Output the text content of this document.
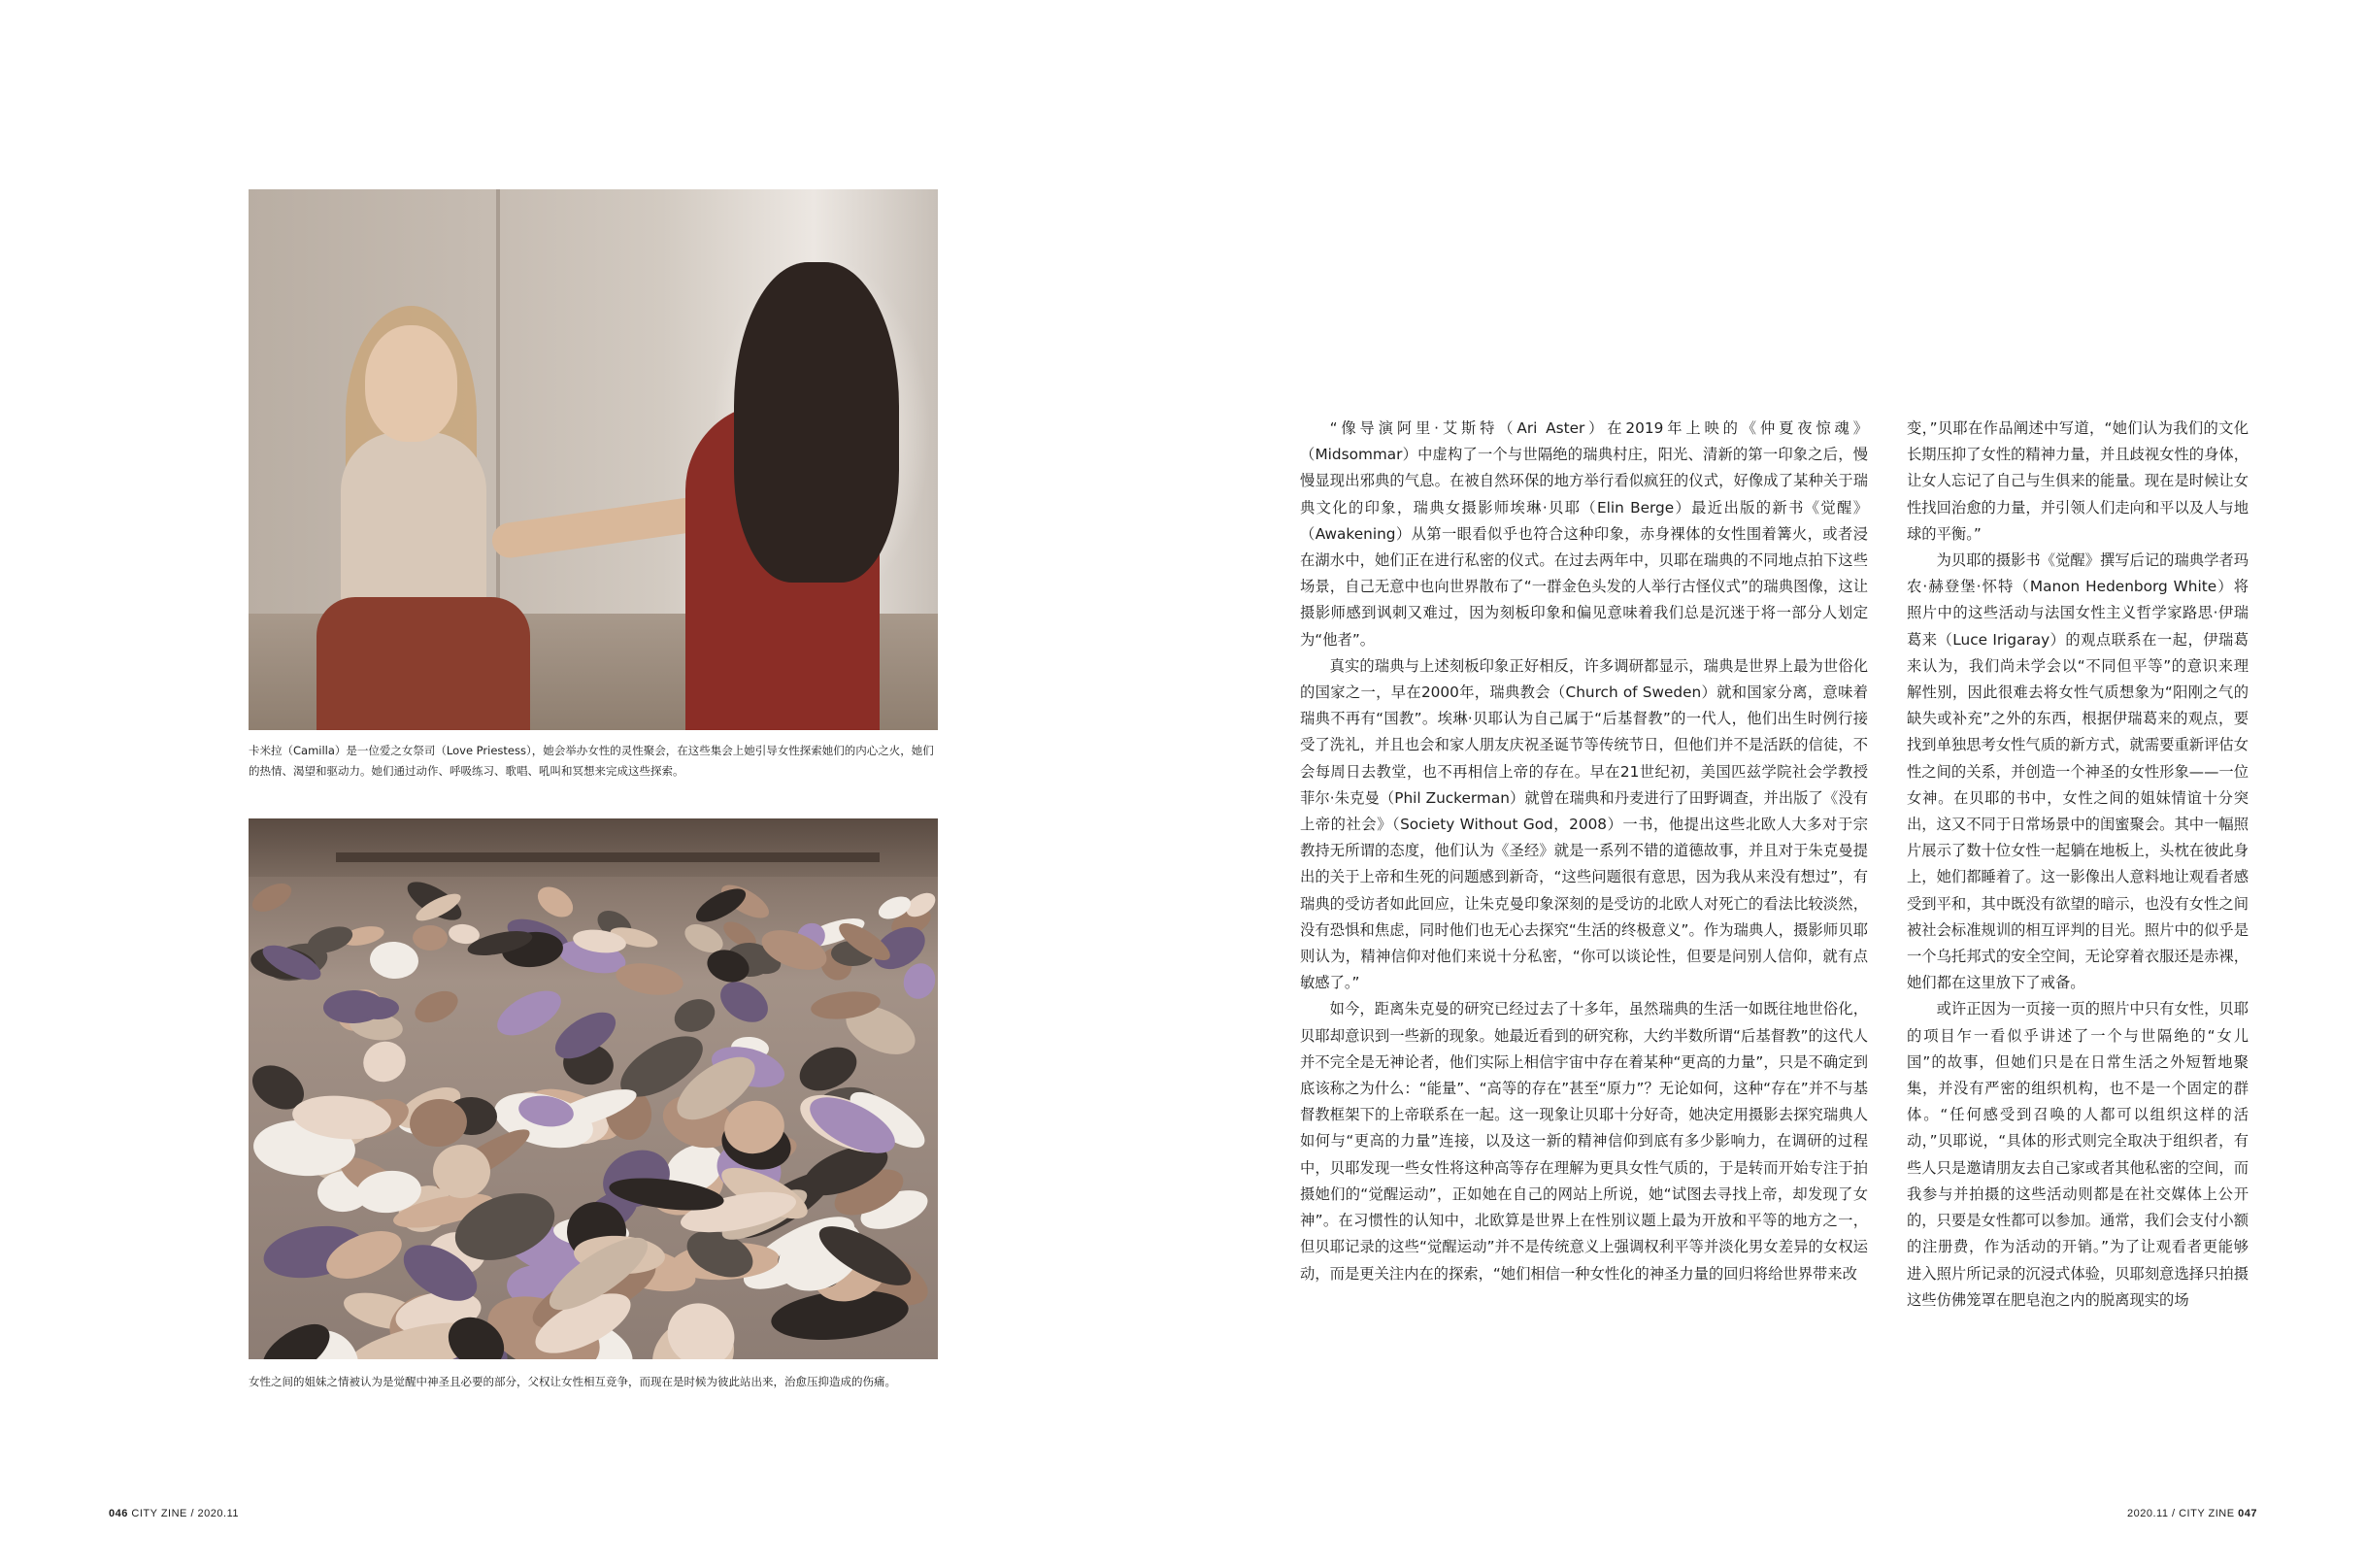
卡米拉（Camilla）是一位爱之女祭司（Love Priestess），她会举办女性的灵性聚会，在这些集会上她引导女性探索她们的内心之火，她们的热情、渴望和驱动力。她们通过动作、呼吸练习、歌唱、吼叫和冥想来完成这些探索。
女性之间的姐妹之情被认为是觉醒中神圣且必要的部分，父权让女性相互竞争，而现在是时候为彼此站出来，治愈压抑造成的伤痛。
046 CITY ZINE / 2020.11

“像导演阿里·艾斯特（Ari Aster）在2019年上映的《仲夏夜惊魂》（Midsommar）中虚构了一个与世隔绝的瑞典村庄，阳光、清新的第一印象之后，慢慢显现出邪典的气息。在被自然环保的地方举行看似疯狂的仪式，好像成了某种关于瑞典文化的印象，瑞典女摄影师埃琳·贝耶（Elin Berge）最近出版的新书《觉醒》（Awakening）从第一眼看似乎也符合这种印象，赤身裸体的女性围着篝火，或者浸在湖水中，她们正在进行私密的仪式。在过去两年中，贝耶在瑞典的不同地点拍下这些场景，自己无意中也向世界散布了“一群金色头发的人举行古怪仪式”的瑞典图像，这让摄影师感到讽刺又难过，因为刻板印象和偏见意味着我们总是沉迷于将一部分人划定为“他者”。

真实的瑞典与上述刻板印象正好相反，许多调研都显示，瑞典是世界上最为世俗化的国家之一，早在2000年，瑞典教会（Church of Sweden）就和国家分离，意味着瑞典不再有“国教”。埃琳·贝耶认为自己属于“后基督教”的一代人，他们出生时例行接受了洗礼，并且也会和家人朋友庆祝圣诞节等传统节日，但他们并不是活跃的信徒，不会每周日去教堂，也不再相信上帝的存在。早在21世纪初，美国匹兹学院社会学教授菲尔·朱克曼（Phil Zuckerman）就曾在瑞典和丹麦进行了田野调查，并出版了《没有上帝的社会》（Society Without God，2008）一书，他提出这些北欧人大多对于宗教持无所谓的态度，他们认为《圣经》就是一系列不错的道德故事，并且对于朱克曼提出的关于上帝和生死的问题感到新奇，“这些问题很有意思，因为我从来没有想过”，有瑞典的受访者如此回应，让朱克曼印象深刻的是受访的北欧人对死亡的看法比较淡然，没有恐惧和焦虑，同时他们也无心去探究“生活的终极意义”。作为瑞典人，摄影师贝耶则认为，精神信仰对他们来说十分私密，“你可以谈论性，但要是问别人信仰，就有点敏感了。”

如今，距离朱克曼的研究已经过去了十多年，虽然瑞典的生活一如既往地世俗化，贝耶却意识到一些新的现象。她最近看到的研究称，大约半数所谓“后基督教”的这代人并不完全是无神论者，他们实际上相信宇宙中存在着某种“更高的力量”，只是不确定到底该称之为什么：“能量”、“高等的存在”甚至“原力”？无论如何，这种“存在”并不与基督教框架下的上帝联系在一起。这一现象让贝耶十分好奇，她决定用摄影去探究瑞典人如何与“更高的力量”连接，以及这一新的精神信仰到底有多少影响力，在调研的过程中，贝耶发现一些女性将这种高等存在理解为更具女性气质的，于是转而开始专注于拍摄她们的“觉醒运动”，正如她在自己的网站上所说，她“试图去寻找上帝，却发现了女神”。在习惯性的认知中，北欧算是世界上在性别议题上最为开放和平等的地方之一，但贝耶记录的这些“觉醒运动”并不是传统意义上强调权利平等并淡化男女差异的女权运动，而是更关注内在的探索，“她们相信一种女性化的神圣力量的回归将给世界带来改

变，”贝耶在作品阐述中写道，“她们认为我们的文化长期压抑了女性的精神力量，并且歧视女性的身体，让女人忘记了自己与生俱来的能量。现在是时候让女性找回治愈的力量，并引领人们走向和平以及人与地球的平衡。”

为贝耶的摄影书《觉醒》撰写后记的瑞典学者玛农·赫登堡·怀特（Manon Hedenborg White）将照片中的这些活动与法国女性主义哲学家路思·伊瑞葛来（Luce Irigaray）的观点联系在一起，伊瑞葛来认为，我们尚未学会以“不同但平等”的意识来理解性别，因此很难去将女性气质想象为“阳刚之气的缺失或补充”之外的东西，根据伊瑞葛来的观点，要找到单独思考女性气质的新方式，就需要重新评估女性之间的关系，并创造一个神圣的女性形象——一位女神。在贝耶的书中，女性之间的姐妹情谊十分突出，这又不同于日常场景中的闺蜜聚会。其中一幅照片展示了数十位女性一起躺在地板上，头枕在彼此身上，她们都睡着了。这一影像出人意料地让观看者感受到平和，其中既没有欲望的暗示，也没有女性之间被社会标准规训的相互评判的目光。照片中的似乎是一个乌托邦式的安全空间，无论穿着衣服还是赤裸，她们都在这里放下了戒备。

或许正因为一页接一页的照片中只有女性，贝耶的项目乍一看似乎讲述了一个与世隔绝的“女儿国”的故事，但她们只是在日常生活之外短暂地聚集，并没有严密的组织机构，也不是一个固定的群体。“任何感受到召唤的人都可以组织这样的活动，”贝耶说，“具体的形式则完全取决于组织者，有些人只是邀请朋友去自己家或者其他私密的空间，而我参与并拍摄的这些活动则都是在社交媒体上公开的，只要是女性都可以参加。通常，我们会支付小额的注册费，作为活动的开销。”为了让观看者更能够进入照片所记录的沉浸式体验，贝耶刻意选择只拍摄这些仿佛笼罩在肥皂泡之内的脱离现实的场

2020.11 / CITY ZINE 047
